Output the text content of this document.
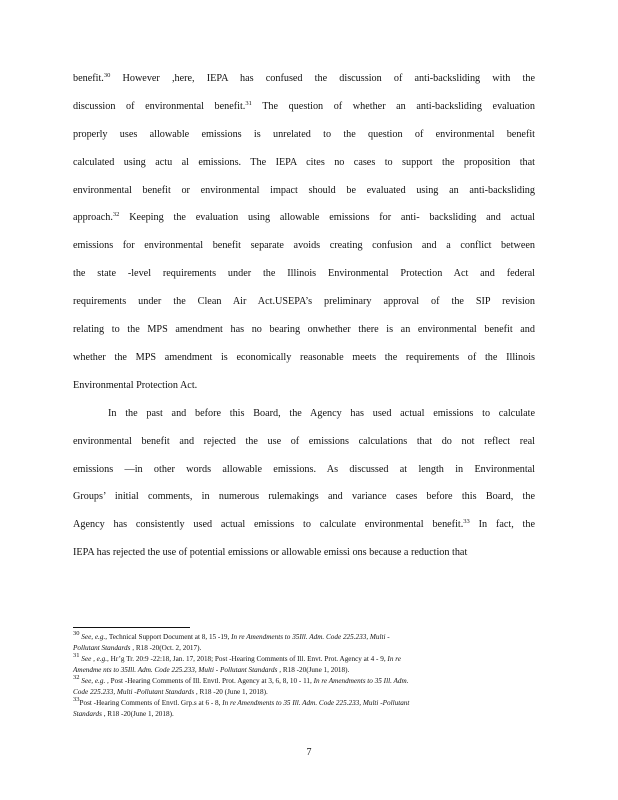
benefit.$^{30}$ However ,here, IEPA has confused the discussion of anti-backsliding with the
discussion of environmental benefit.$^{31}$ The question of whether an anti-backsliding evaluation
properly uses allowable emissions is unrelated to the question of environmental benefit
calculated using actu al emissions. The IEPA cites no cases to support the proposition that
environmental benefit or environmental impact should be evaluated using an anti-backsliding
approach.$^{32}$ Keeping the evaluation using allowable emissions for anti- backsliding and actual
emissions for environmental benefit separate avoids creating confusion and a conflict between
the state -level requirements under the Illinois Environmental Protection Act and federal
requirements under the Clean Air Act.USEPA’s preliminary approval of the SIP revision
relating to the MPS amendment has no bearing onwhether there is an environmental benefit and
whether the MPS amendment is economically reasonable meets the requirements of the Illinois
Environmental Protection Act.
In the past and before this Board, the Agency has used actual emissions to calculate
environmental benefit and rejected the use of emissions calculations that do not reflect real
emissions —in other words allowable emissions. As discussed at length in Environmental
Groups’ initial comments, in numerous rulemakings and variance cases before this Board, the
Agency has consistently used actual emissions to calculate environmental benefit.$^{33}$ In fact, the
IEPA has rejected the use of potential emissions or allowable emissi ons because a reduction that
$^{30}$ See, e.g., Technical Support Document at 8, 15 -19, In re Amendments to 35Ill. Adm. Code 225.233, Multi -
Pollutant Standards , R18 -20(Oct. 2, 2017).
$^{31}$ See , e.g., Hr’g Tr. 20:9 -22:18, Jan. 17, 2018; Post -Hearing Comments of Ill. Envt. Prot. Agency at 4 - 9, In re
Amendme nts to 35Ill. Adm. Code 225.233, Multi - Pollutant Standards , R18 -20(June 1, 2018).
$^{32}$ See, e.g. , Post -Hearing Comments of Ill. Envtl. Prot. Agency at 3, 6, 8, 10 - 11, In re Amendments to 35 Ill. Adm.
Code 225.233, Multi -Pollutant Standards , R18 -20 (June 1, 2018).
$^{33}$Post -Hearing Comments of Envtl. Grp.s at 6 - 8, In re Amendments to 35 Ill. Adm. Code 225.233, Multi -Pollutant
Standards , R18 -20(June 1, 2018).
7
